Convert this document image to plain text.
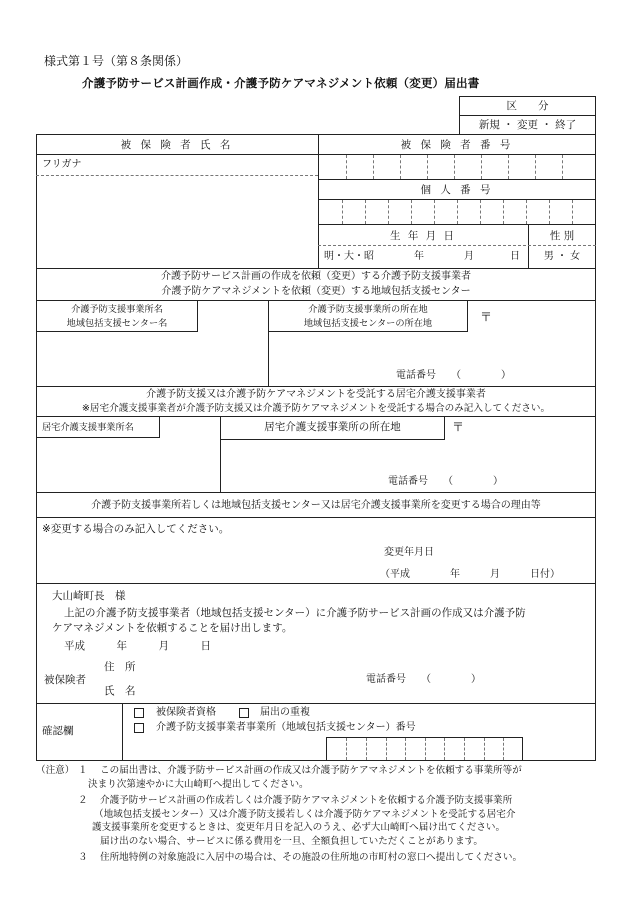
様式第１号（第８条関係）
介護予防サービス計画作成・介護予防ケアマネジメント依頼（変更）届出書
区　　分
新規 ・ 変更 ・ 終了
被 保 険 者 氏 名	被 保 険 者 番 号
フリガナ
個 人 番 号
生 年 月 日	性 別
明・大・昭	年	月	日	男 ・ 女
介護予防サービス計画の作成を依頼（変更）する介護予防支援事業者
介護予防ケアマネジメントを依頼（変更）する地域包括支援センター
介護予防支援事業所名
地域包括支援センター名
介護予防支援事業所の所在地
地域包括支援センターの所在地	〒
電話番号　　（　　　　）
介護予防支援又は介護予防ケアマネジメントを受託する居宅介護支援事業者
※居宅介護支援事業者が介護予防支援又は介護予防ケアマネジメントを受託する場合のみ記入してください。
居宅介護支援事業所名	居宅介護支援事業所の所在地	〒
電話番号　　（　　　　）
介護予防支援事業所若しくは地域包括支援センター又は居宅介護支援事業所を変更する場合の理由等
※変更する場合のみ記入してください。
変更年月日
（平成　　　　年　　　月　　　日付）
大山崎町長　様
上記の介護予防支援事業者（地域包括支援センター）に介護予防サービス計画の作成又は介護予防
ケアマネジメントを依頼することを届け出します。
平成　　　年　　　月　　　日
被保険者
住　所
氏　名
電話番号　　（　　　　）
確認欄
被保険者資格	届出の重複
介護予防支援事業者事業所（地域包括支援センター）番号
（注意） １ この届出書は、介護予防サービス計画の作成又は介護予防ケアマネジメントを依頼する事業所等が
決まり次第速やかに大山崎町へ提出してください。
２ 介護予防サービス計画の作成若しくは介護予防ケアマネジメントを依頼する介護予防支援事業所
（地域包括支援センター）又は介護予防支援若しくは介護予防ケアマネジメントを受託する居宅介
護支援事業所を変更するときは、変更年月日を記入のうえ、必ず大山崎町へ届け出てください。
届け出のない場合、サービスに係る費用を一旦、全額負担していただくことがあります。
３ 住所地特例の対象施設に入居中の場合は、その施設の住所地の市町村の窓口へ提出してください。
